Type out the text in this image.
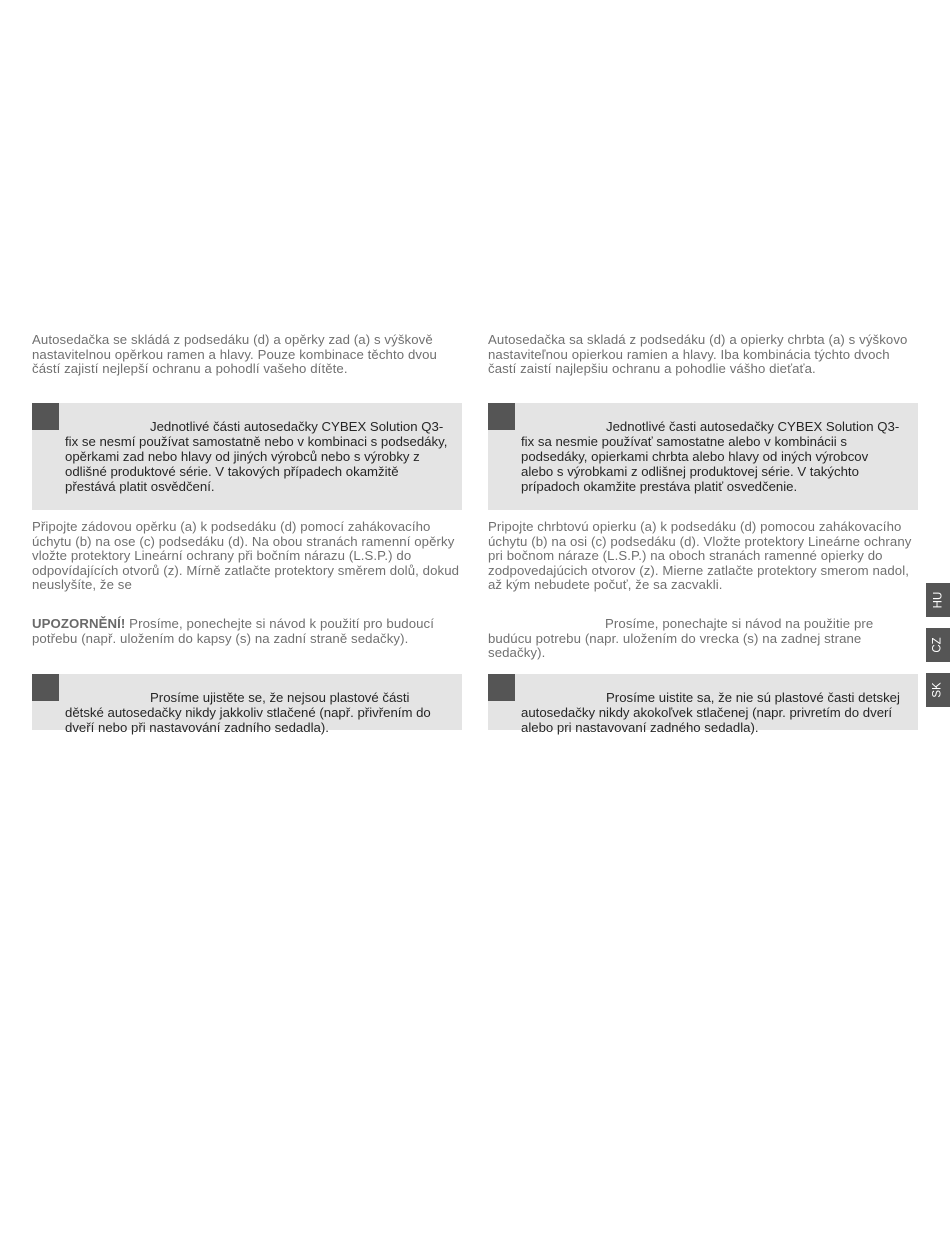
Autosedačka se skládá z podsedáku (d) a opěrky zad (a) s výškově nastavitelnou opěrkou ramen a hlavy. Pouze kombinace těchto dvou částí zajistí nejlepší ochranu a pohodlí vašeho dítěte.

Jednotlivé části autosedačky CYBEX Solution Q3-fix se nesmí používat samostatně nebo v kombinaci s podsedáky, opěrkami zad nebo hlavy od jiných výrobců nebo s výrobky z odlišné produktové série. V takových případech okamžitě přestává platit osvědčení.

Připojte zádovou opěrku (a) k podsedáku (d) pomocí zahákovacího úchytu (b) na ose (c) podsedáku (d). Na obou stranách ramenní opěrky vložte protektory Lineární ochrany při bočním nárazu (L.S.P.) do odpovídajících otvorů (z). Mírně zatlačte protektory směrem dolů, dokud neuslyšíte, že se

UPOZORNĚNÍ! Prosíme, ponechejte si návod k použití pro budoucí potřebu (např. uložením do kapsy (s) na zadní straně sedačky).

Prosíme ujistěte se, že nejsou plastové části dětské autosedačky nikdy jakkoliv stlačené (např. přivřením do dveří nebo při nastavování zadního sedadla).

Autosedačka sa skladá z podsedáku (d) a opierky chrbta (a) s výškovo nastaviteľnou opierkou ramien a hlavy. Iba kombinácia týchto dvoch častí zaistí najlepšiu ochranu a pohodlie vášho dieťaťa.

Jednotlivé časti autosedačky CYBEX Solution Q3-fix sa nesmie používať samostatne alebo v kombinácii s podsedáky, opierkami chrbta alebo hlavy od iných výrobcov alebo s výrobkami z odlišnej produktovej série. V takýchto prípadoch okamžite prestáva platiť osvedčenie.

Pripojte chrbtovú opierku (a) k podsedáku (d) pomocou zahákovacího úchytu (b) na osi (c) podsedáku (d). Vložte protektory Lineárne ochrany pri bočnom náraze (L.S.P.) na oboch stranách ramenné opierky do zodpovedajúcich otvorov (z). Mierne zatlačte protektory smerom nadol, až kým nebudete počuť, že sa zacvakli.

Prosíme, ponechajte si návod na použitie pre budúcu potrebu (napr. uložením do vrecka (s) na zadnej strane sedačky).

Prosíme uistite sa, že nie sú plastové časti detskej autosedačky nikdy akokoľvek stlačenej (napr. privretím do dverí alebo pri nastavovaní zadného sedadla).

HU
CZ
SK
